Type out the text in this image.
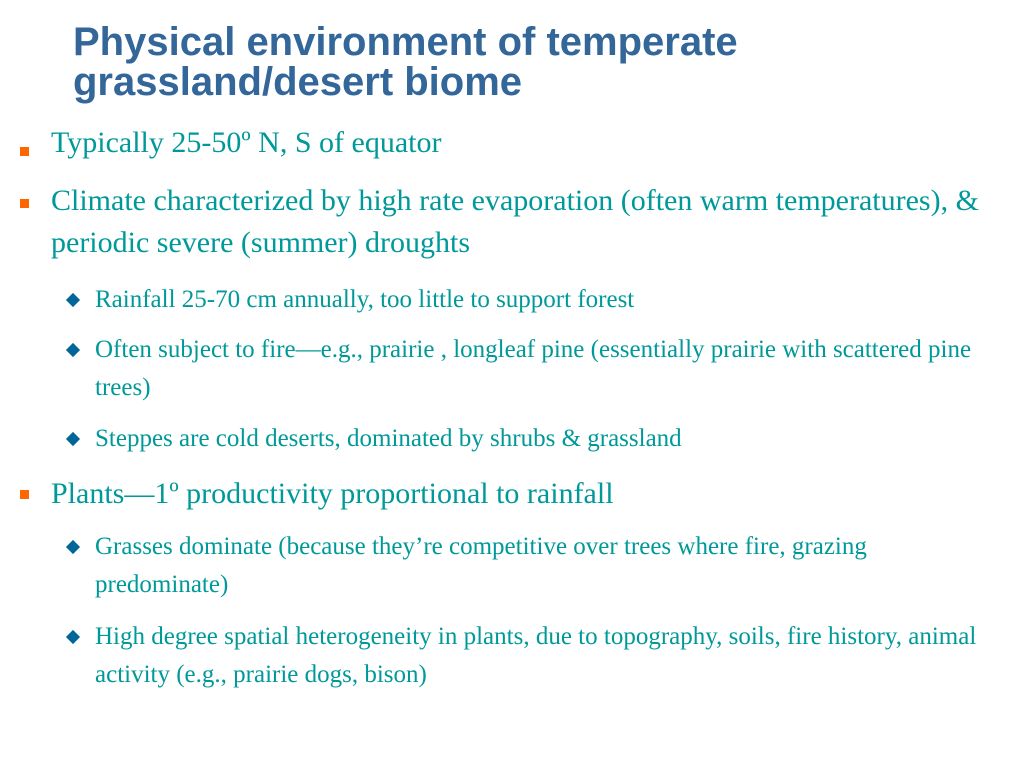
Physical environment of temperate
grassland/desert biome
Typically 25-50º N, S of equator
Climate characterized by high rate evaporation (often warm temperatures), & periodic severe (summer) droughts
Rainfall 25-70 cm annually, too little to support forest
Often subject to fire—e.g., prairie , longleaf pine (essentially prairie with scattered pine trees)
Steppes are cold deserts, dominated by shrubs & grassland
Plants—1º productivity proportional to rainfall
Grasses dominate (because they’re competitive over trees where fire, grazing predominate)
High degree spatial heterogeneity in plants, due to topography, soils, fire history, animal activity (e.g., prairie dogs, bison)
